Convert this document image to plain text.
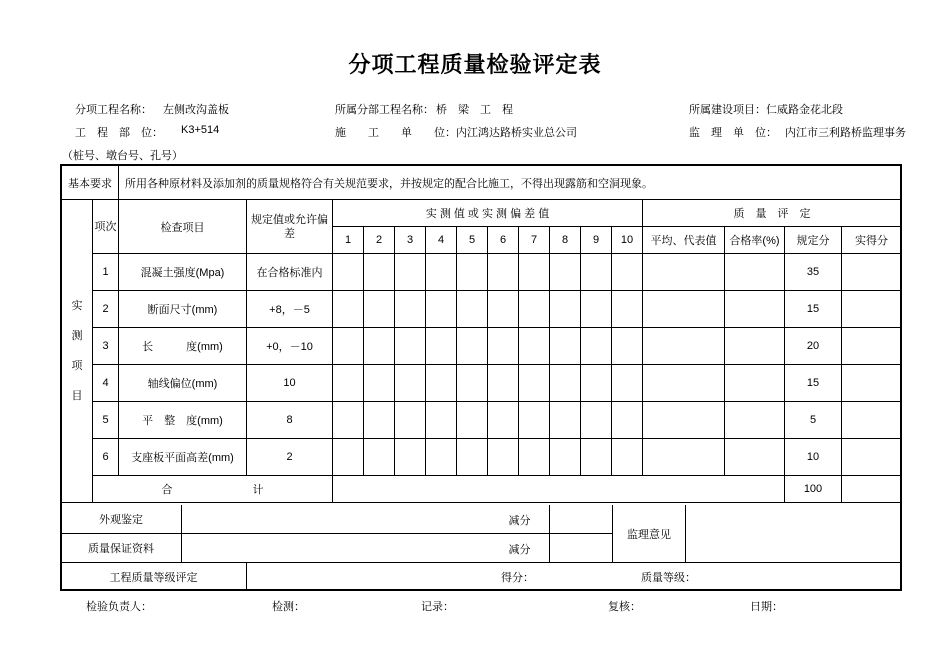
分项工程质量检验评定表
分项工程名称： 左侧改沟盖板	所属分部工程名称： 桥　梁　工　程	所属建设项目： 仁威路金花北段
工　程　部　位： K3+514	施　　工　　单　　位： 内江鸿达路桥实业总公司	监　理　单　位： 内江市三利路桥监理事务
（桩号、墩台号、孔号）
基本要求		所用各种原材料及添加剂的质量规格符合有关规范要求，并按规定的配合比施工，不得出现露筋和空洞现象。															
实
测
项
目	项次	检查项目	规定值或允许偏差	实 测 值 或 实 测 偏 差 值										质　量　评　定			
				1	2	3	4	5	6	7	8	9	10	平均、代表值	合格率(%)	规定分	实得分
	1	混凝土强度(Mpa)	在合格标准内													35	
	2	断面尺寸(mm)	+8，－5													15	
	3	长　　　度(mm)	+0，－10													20	
	4	轴线偏位(mm)	10													15	
	5	平　整　度(mm)	8													5	
	6	支座板平面高差(mm)	2													10	
	合 计															100	
外观鉴定	减分
质量保证资料	减分
监理意见
工程质量等级评定	得分：	质量等级：
检验负责人：	检测：	记录：	复核：	日期：
